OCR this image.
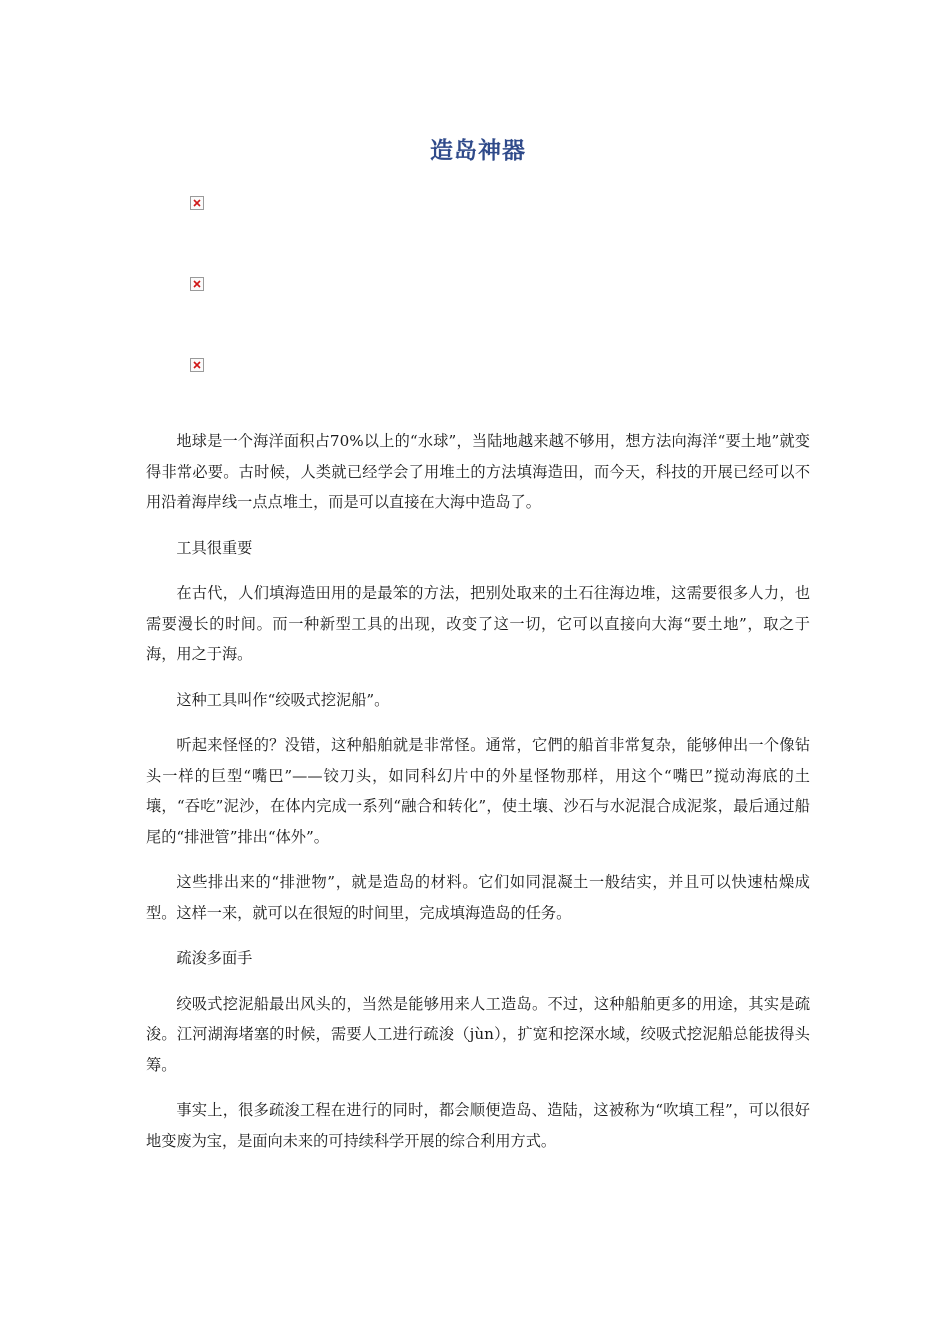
造岛神器

地球是一个海洋面积占70%以上的“水球”，当陆地越来越不够用，想方法向海洋“要土地”就变得非常必要。古时候，人类就已经学会了用堆土的方法填海造田，而今天，科技的开展已经可以不用沿着海岸线一点点堆土，而是可以直接在大海中造岛了。

工具很重要

在古代，人们填海造田用的是最笨的方法，把别处取来的土石往海边堆，这需要很多人力，也需要漫长的时间。而一种新型工具的出现，改变了这一切，它可以直接向大海“要土地”，取之于海，用之于海。

这种工具叫作“绞吸式挖泥船”。

听起来怪怪的？没错，这种船舶就是非常怪。通常，它們的船首非常复杂，能够伸出一个像钻头一样的巨型“嘴巴”——铰刀头，如同科幻片中的外星怪物那样，用这个“嘴巴”搅动海底的土壤，“吞吃”泥沙，在体内完成一系列“融合和转化”，使土壤、沙石与水泥混合成泥浆，最后通过船尾的“排泄管”排出“体外”。

这些排出来的“排泄物”，就是造岛的材料。它们如同混凝土一般结实，并且可以快速枯燥成型。这样一来，就可以在很短的时间里，完成填海造岛的任务。

疏浚多面手

绞吸式挖泥船最出风头的，当然是能够用来人工造岛。不过，这种船舶更多的用途，其实是疏浚。江河湖海堵塞的时候，需要人工进行疏浚（jùn），扩宽和挖深水域，绞吸式挖泥船总能拔得头筹。

事实上，很多疏浚工程在进行的同时，都会顺便造岛、造陆，这被称为“吹填工程”，可以很好地变废为宝，是面向未来的可持续科学开展的综合利用方式。
